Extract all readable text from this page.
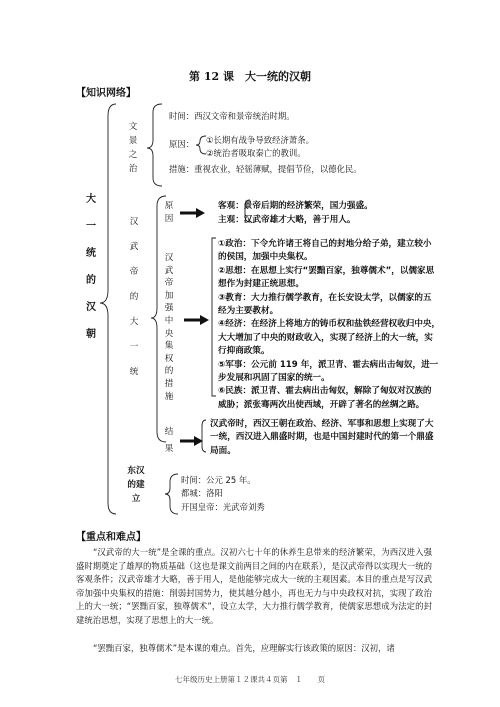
第 12 课　大一统的汉朝
【知识网络】
大
一
统
的
汉
朝
文
景
之
治
时间：西汉文帝和景帝统治时期。
原因： ①长期有战争导致经济萧条。
②统治者吸取秦亡的教训。
措施：重视农业，轻徭薄赋，提倡节俭，以德化民。
汉
武
帝
的
大
一
统
原
因
客观：景帝后期的经济繁荣，国力强盛。
主观：汉武帝雄才大略，善于用人。
汉
武
帝
加
强
中
央
集
权
的
措
施
①政治：下令允许诸王将自己的封地分给子弟，建立较小
的侯国，加强中央集权。
②思想：在思想上实行“罢黜百家，独尊儒术”，以儒家思
想作为封建正统思想。
③教育：大力推行儒学教育，在长安设太学，以儒家的五
经为主要教材。
④经济：在经济上将地方的铸币权和盐铁经营权收归中央，
大大增加了中央的财政收入，实现了经济上的大一统，实
行抑商政策。
⑤军事：公元前 119 年，派卫青、霍去病出击匈奴，进一
步发展和巩固了国家的统一。
⑥民族：派卫青、霍去病出击匈奴，解除了匈奴对汉族的
威胁；派张骞两次出使西域，开辟了著名的丝绸之路。
结
果
汉武帝时，西汉王朝在政治、经济、军事和思想上实现了大
一统，西汉进入鼎盛时期，也是中国封建时代的第一个鼎盛
局面。
东汉
的建
立
时间：公元 25 年。
都城：洛阳
开国皇帝：光武帝刘秀
【重点和难点】
“汉武帝的大一统”是全课的重点。汉初六七十年的休养生息带来的经济繁荣，为西汉进入强盛时期奠定了雄厚的物质基础（这也是课文前两目之间的内在联系），是汉武帝得以实现大一统的客观条件；汉武帝雄才大略，善于用人，是他能够完成大一统的主观因素。本目的重点是写汉武帝加强中央集权的措施：削弱封国势力，使其越分越小，再也无力与中央政权对抗，实现了政治上的大一统；“罢黜百家，独尊儒术”，设立太学，大力推行儒学教育，使儒家思想成为法定的封建统治思想，实现了思想上的大一统。
“罢黜百家，独尊儒术”是本课的难点。首先，应理解实行该政策的原因：汉初，诸
七年级历史上册第１２课共４页第　１　　页
